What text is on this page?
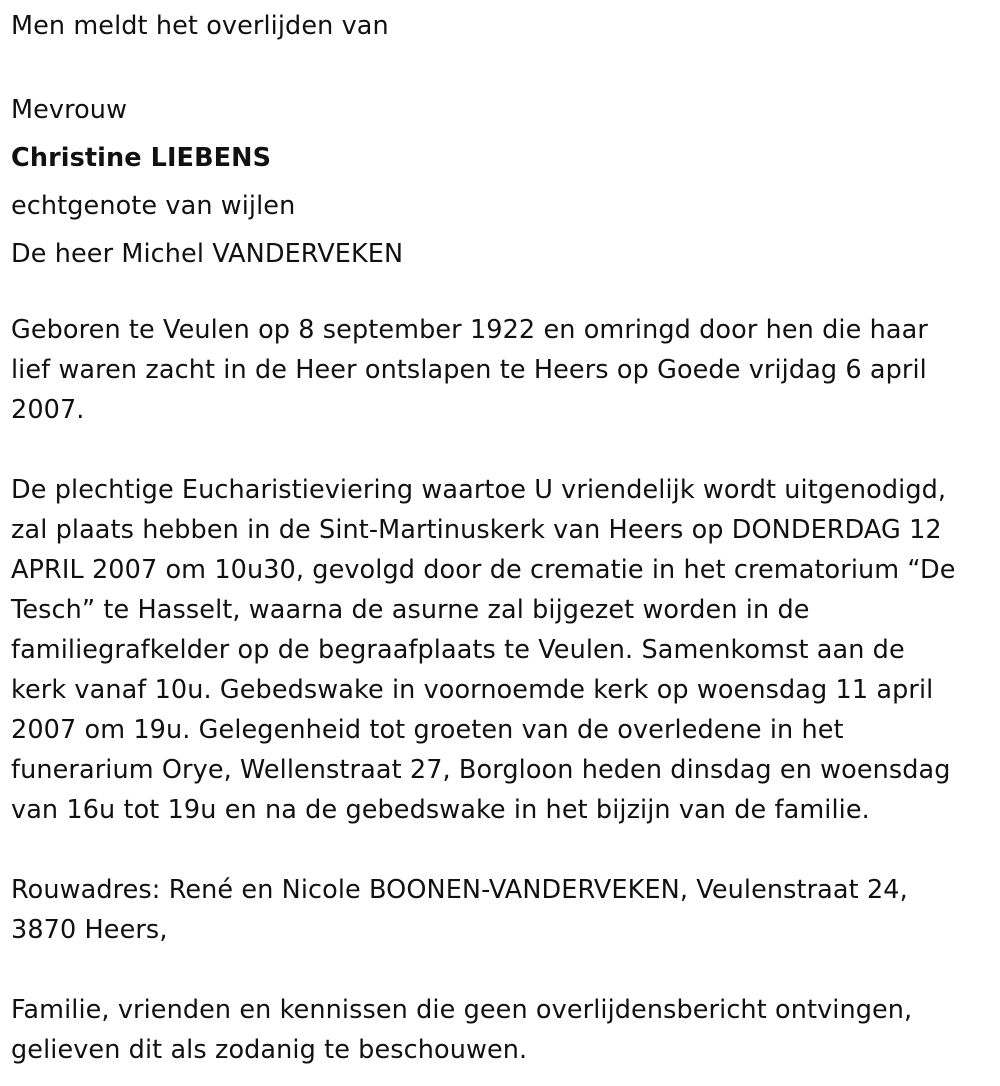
Men meldt het overlijden van
Mevrouw
Christine LIEBENS
echtgenote van wijlen
De heer Michel VANDERVEKEN
Geboren te Veulen op 8 september 1922 en omringd door hen die haar
lief waren zacht in de Heer ontslapen te Heers op Goede vrijdag 6 april
2007.
De plechtige Eucharistieviering waartoe U vriendelijk wordt uitgenodigd,
zal plaats hebben in de Sint-Martinuskerk van Heers op DONDERDAG 12
APRIL 2007 om 10u30, gevolgd door de crematie in het crematorium “De
Tesch” te Hasselt, waarna de asurne zal bijgezet worden in de
familiegrafkelder op de begraafplaats te Veulen. Samenkomst aan de
kerk vanaf 10u. Gebedswake in voornoemde kerk op woensdag 11 april
2007 om 19u. Gelegenheid tot groeten van de overledene in het
funerarium Orye, Wellenstraat 27, Borgloon heden dinsdag en woensdag
van 16u tot 19u en na de gebedswake in het bijzijn van de familie.
Rouwadres: René en Nicole BOONEN-VANDERVEKEN, Veulenstraat 24,
3870 Heers,
Familie, vrienden en kennissen die geen overlijdensbericht ontvingen,
gelieven dit als zodanig te beschouwen.
